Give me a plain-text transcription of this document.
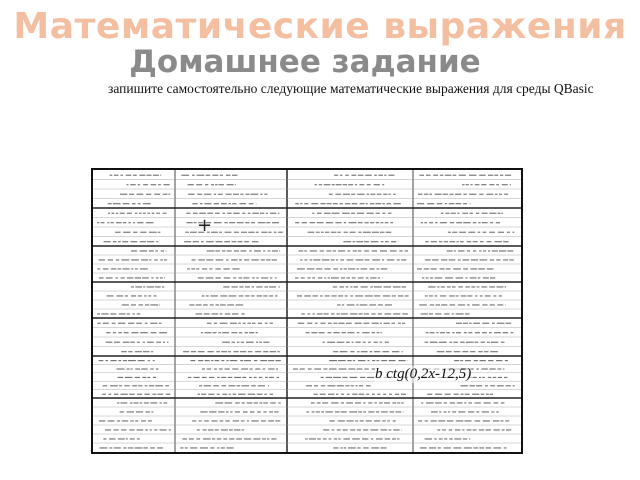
Математические выражения
Домашнее задание
запишите самостоятельно следующие математические выражения для среды QBasic
+
b ctg(0,2x-12,5)
